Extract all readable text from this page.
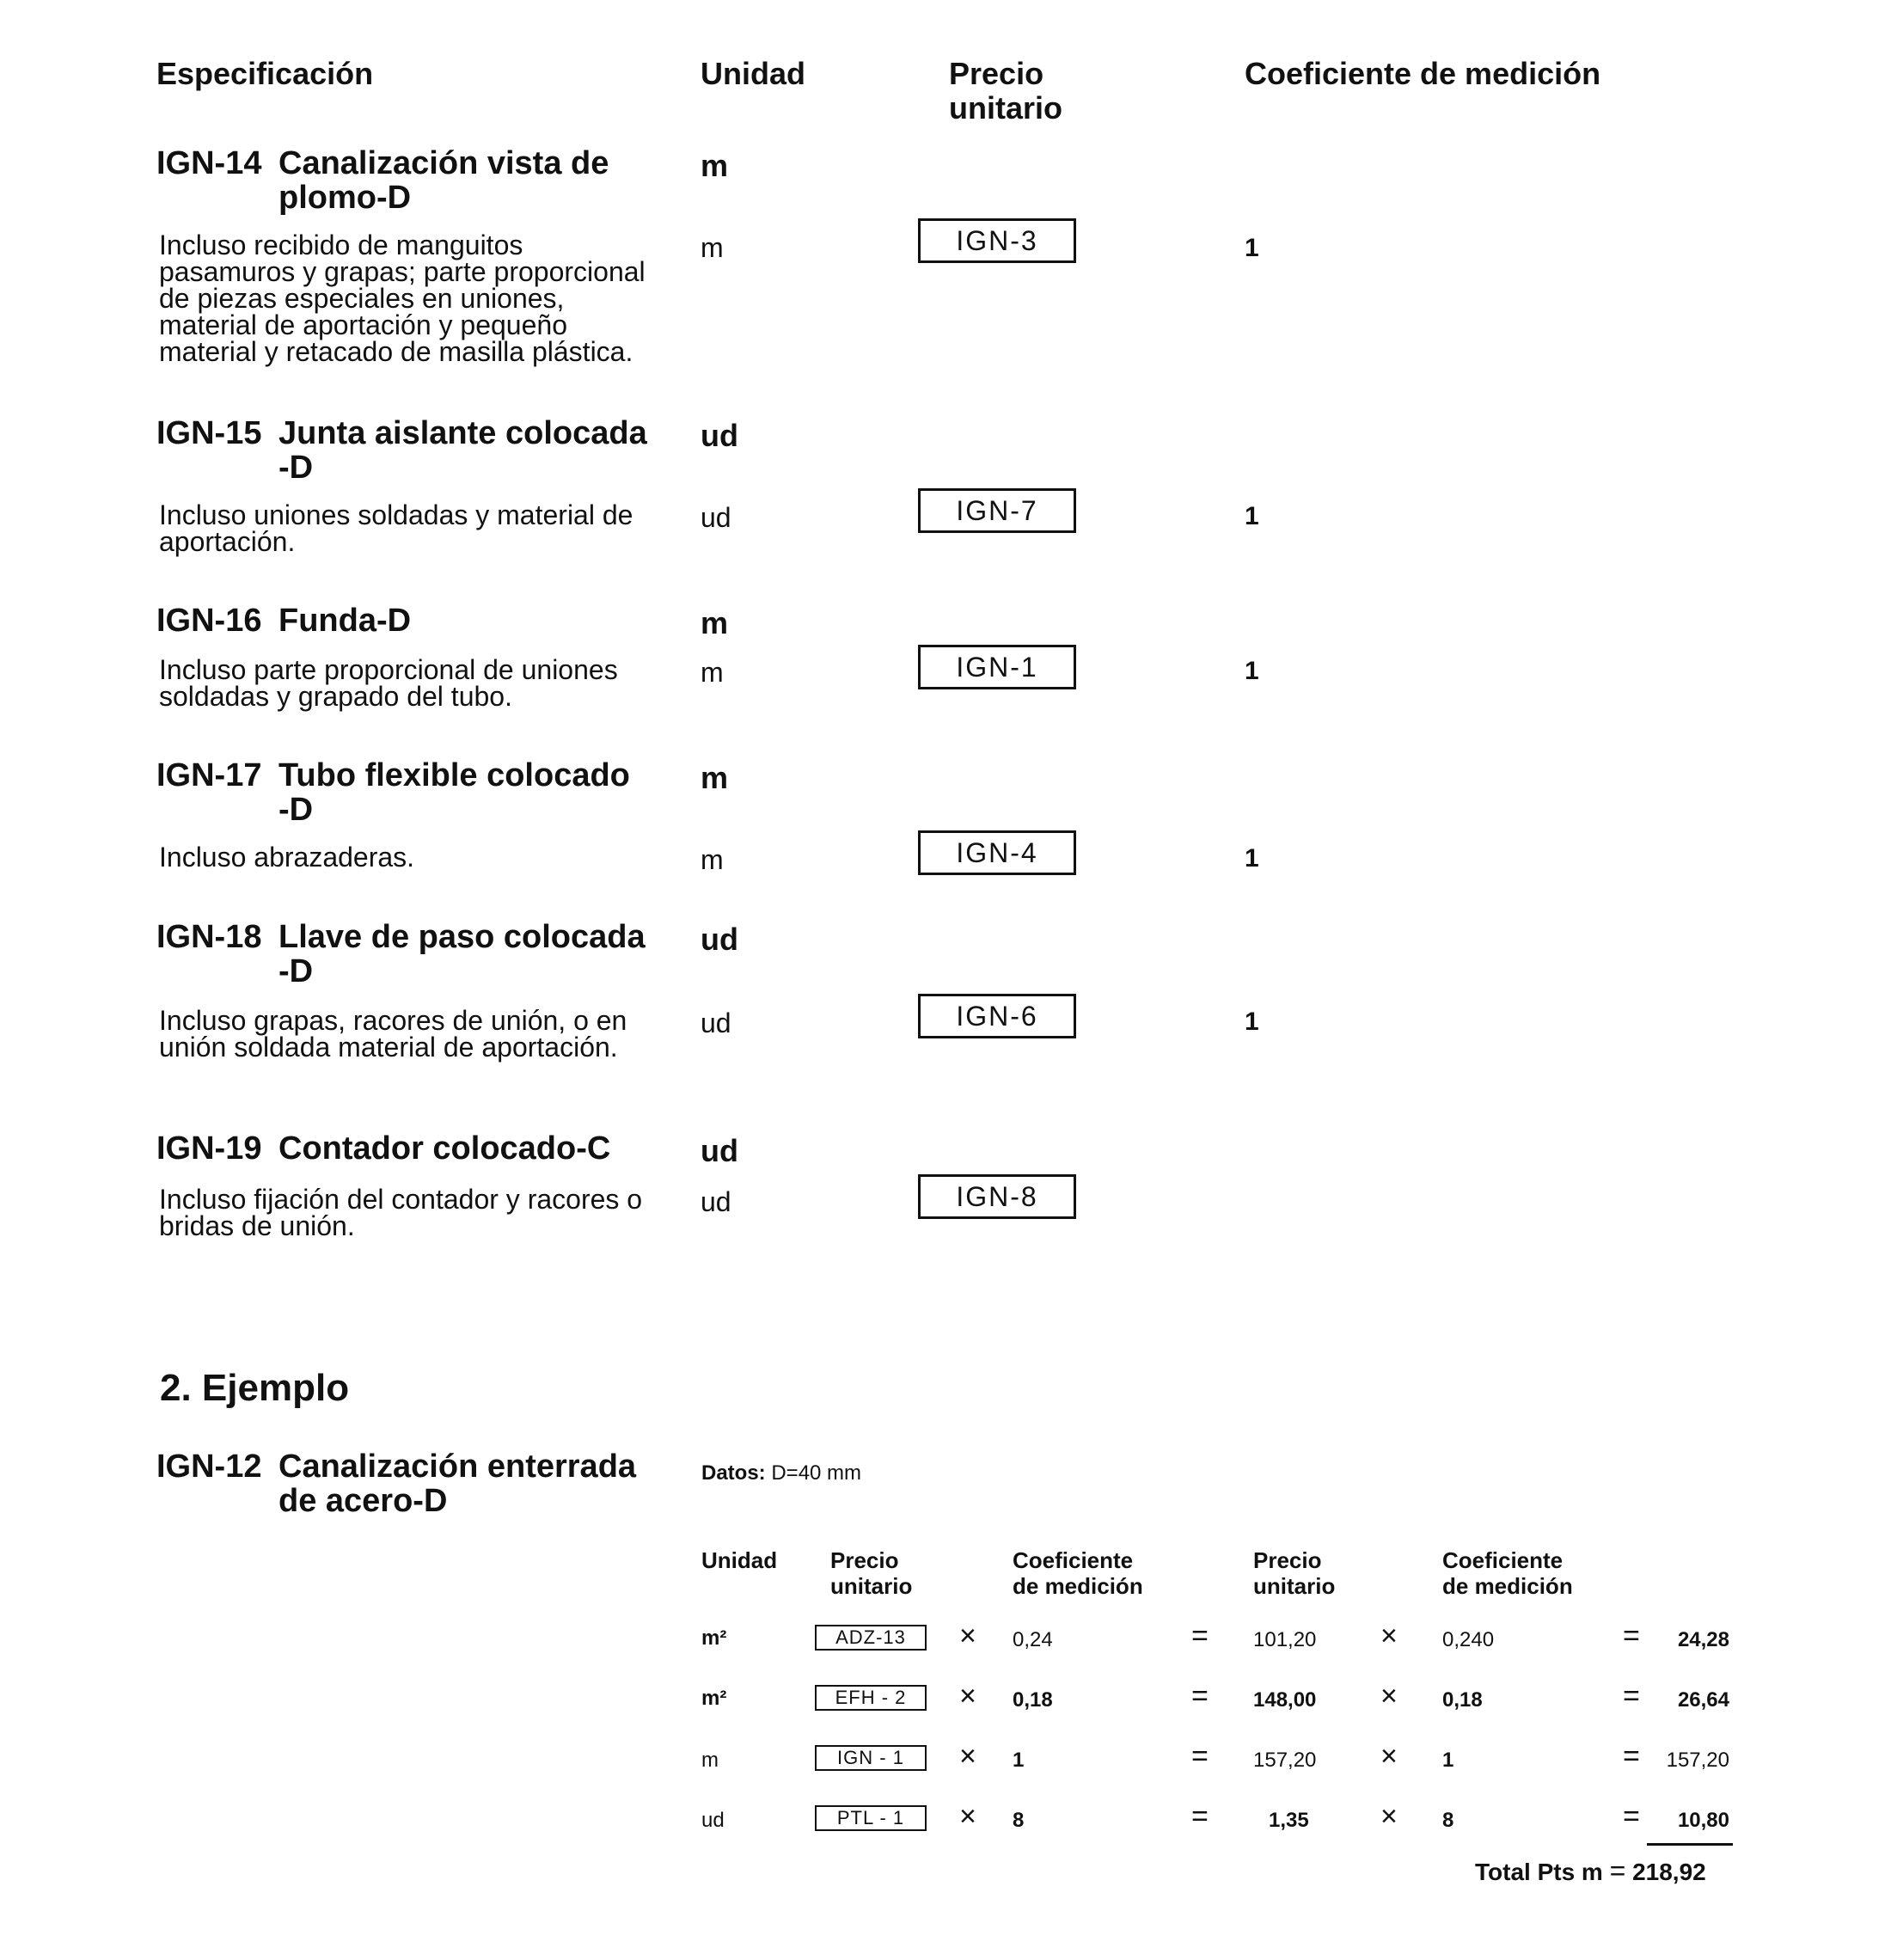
Especificación	Unidad	Precio
unitario
Coeficiente de medición
IGN-14 Canalización vista de plomo-D
m
Incluso recibido de manguitos pasamuros y grapas; parte proporcional de piezas especiales en uniones, material de aportación y pequeño material y retacado de masilla plástica.
m	IGN-3	1
IGN-15 Junta aislante colocada -D
ud
Incluso uniones soldadas y material de aportación.
ud	IGN-7	1
IGN-16 Funda-D	m
Incluso parte proporcional de uniones soldadas y grapado del tubo.
m	IGN-1	1
IGN-17 Tubo flexible colocado -D
m
Incluso abrazaderas.	m	IGN-4	1
IGN-18 Llave de paso colocada -D
ud
Incluso grapas, racores de unión, o en unión soldada material de aportación.
ud	IGN-6	1
IGN-19 Contador colocado-C	ud
Incluso fijación del contador y racores o bridas de unión.
ud	IGN-8
2. Ejemplo
IGN-12 Canalización enterrada de acero-D
Datos: D=40 mm
Unidad Precio
unitario
Coeficiente
de medición
Precio
unitario
Coeficiente
de medición
m²	ADZ-13	× 0,24	= 101,20 × 0,240	=	24,28
m²	EFH - 2	× 0,18	= 148,00 × 0,18	=	26,64
m	IGN - 1	× 1	= 157,20 × 1	=	157,20
ud	PTL - 1	× 8	=	1,35 × 8	=	10,80
Total Pts m = 218,92
